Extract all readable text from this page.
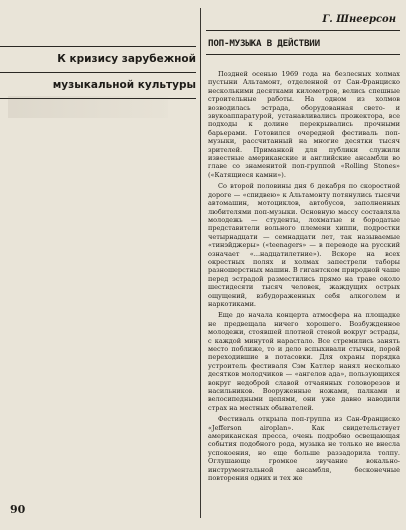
К кризису зарубежной
музыкальной культуры
90
Г. Шнеерсон
ПОП-МУЗЫКА В ДЕЙСТВИИ

Поздней осенью 1969 года на безлесных холмах пустыни Альтамонт, отделенной от Сан-Франциско несколькими десятками километров, велись спешные строительные работы. На одном из холмов возводилась эстрада, оборудованная свето- и звукоаппаратурой, устанавливались прожектора, все подходы к долине перекрывались прочными барьерами. Готовился очередной фестиваль поп-музыки, рассчитанный на многие десятки тысяч зрителей. Приманкой для публики служили известные американские и английские ансамбли во главе со знаменитой поп-группой «Rolling Stones» («Катящиеся камни»).

Со второй половины дня 6 декабря по скоростной дороге — «спидвею» к Альтамонту потянулись тысячи автомашин, мотоциклов, автобусов, заполненных любителями поп-музыки. Основную массу составляла молодежь — студенты, лохматые и бородатые представители вольного племени хиппи, подростки четырнадцати — семнадцати лет, так называемые «тинэйджеры» («teenagers» — в переводе на русский означает «...надцатилетние»). Вскоре на всех окрестных полях и холмах запестрели таборы разношерстных машин. В гигантском природной чаше перед эстрадой разместились прямо на траве около шестидесяти тысяч человек, жаждущих острых ощущений, взбудораженных себя алкоголем и наркотиками.

Еще до начала концерта атмосфера на площадке не предвещала ничего хорошего. Возбужденное молодежи, стоявшей плотной стеной вокруг эстрады, с каждой минутой нарастало. Все стремились занять место поближе, то и дело вспыхивали стычки, порой переходившие в потасовки. Для охраны порядка устроитель фестиваля Сэм Катлер нанял несколько десятков молодчиков — «ангелов ада», пользующихся вокруг недоброй славой отчаянных головорезов и насильников. Вооруженные ножами, палками и велосипедными цепями, они уже давно наводили страх на местных обывателей.

Фестиваль открыла поп-группа из Сан-Франциско «Jefferson airoplan». Как свидетельствует американская пресса, очень подробно освещающая события подобного рода, музыка не только не внесла успокоения, но еще больше раззадорила толпу. Оглушающе громкое звучание вокально-инструментальной ансамбля, бесконечные повторения одних и тех же
